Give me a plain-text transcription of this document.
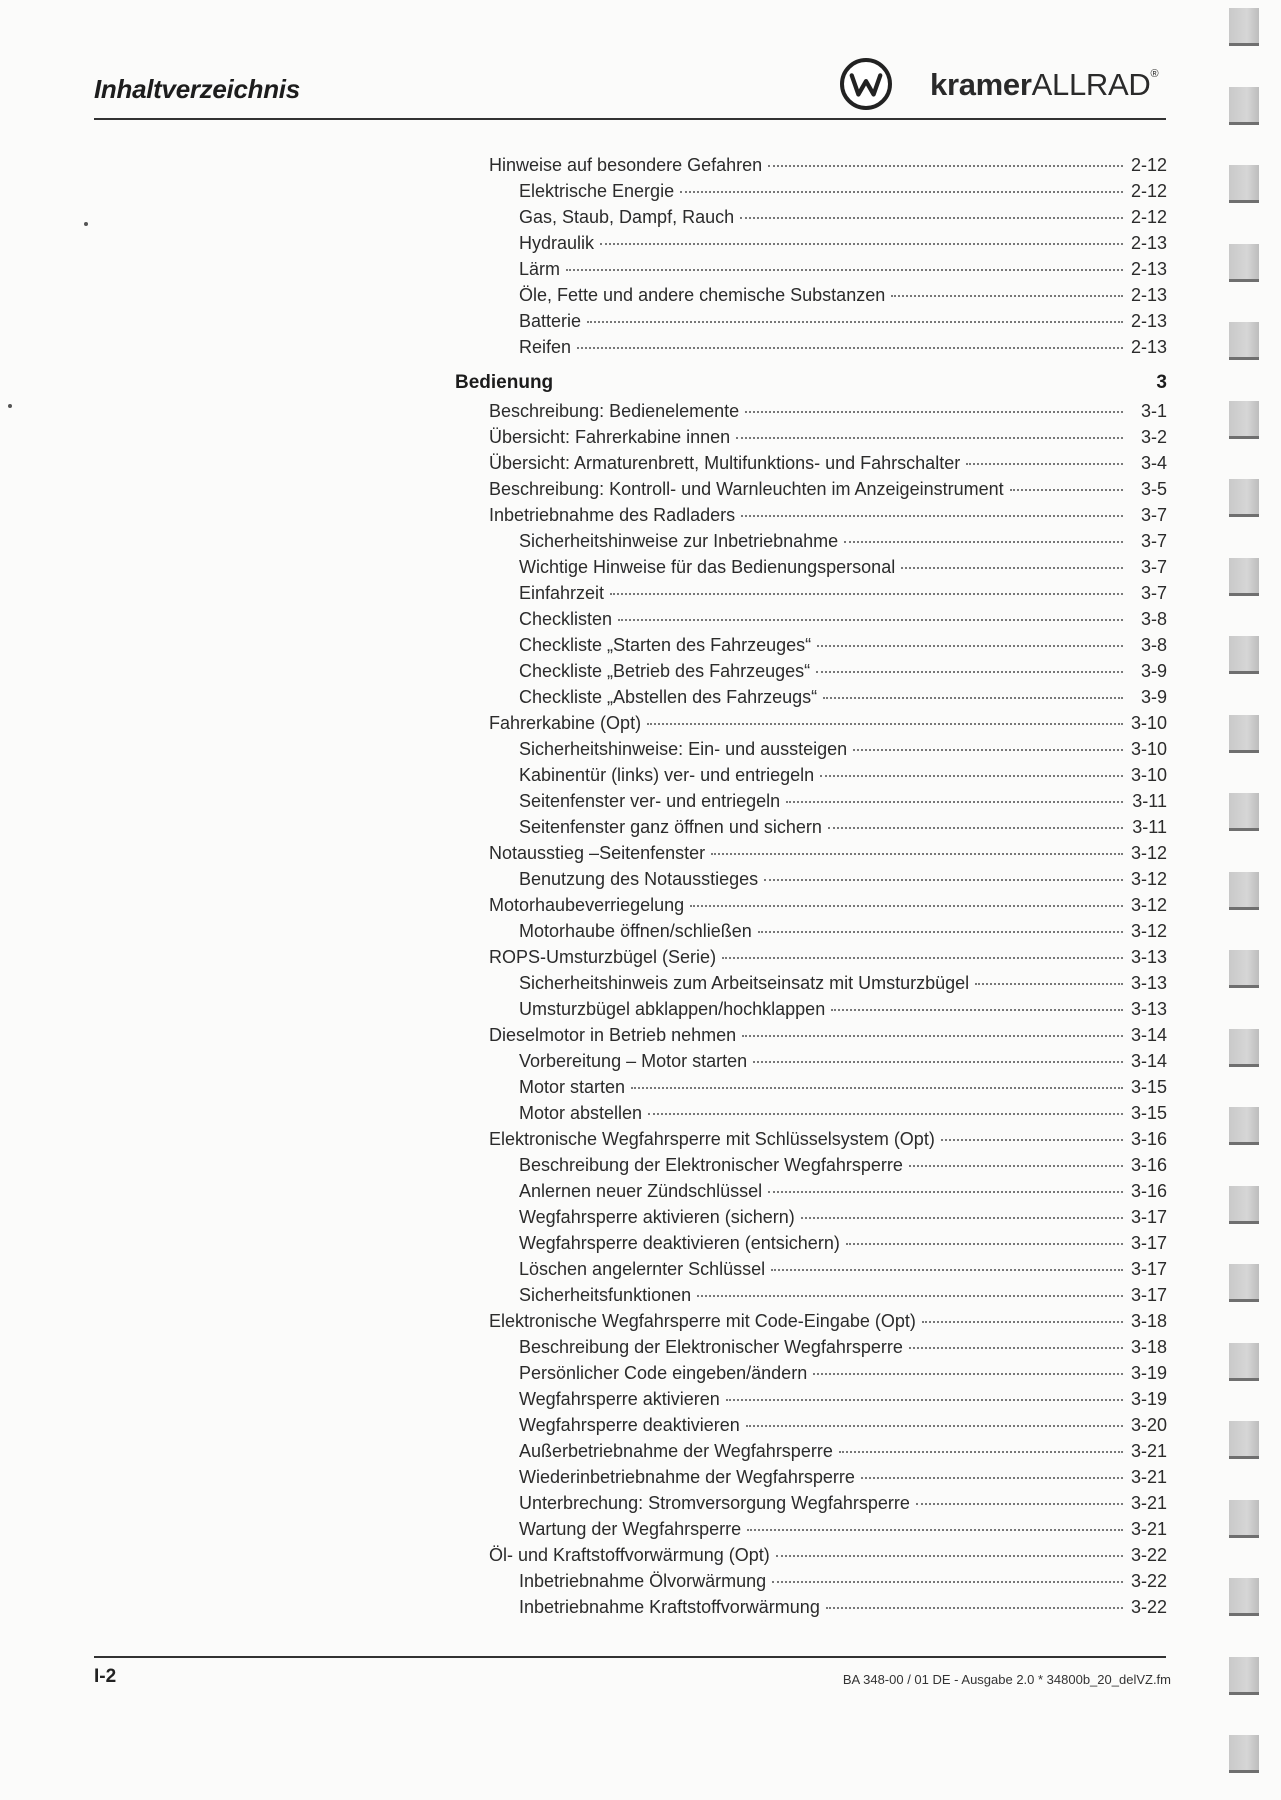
Inhaltverzeichnis	kramerALLRAD®
Hinweise auf besondere Gefahren	2-12
Elektrische Energie	2-12
Gas, Staub, Dampf, Rauch	2-12
Hydraulik	2-13
Lärm	2-13
Öle, Fette und andere chemische Substanzen	2-13
Batterie	2-13
Reifen	2-13
Bedienung	3
Beschreibung: Bedienelemente	3-1
Übersicht: Fahrerkabine innen	3-2
Übersicht: Armaturenbrett, Multifunktions- und Fahrschalter	3-4
Beschreibung: Kontroll- und Warnleuchten im Anzeigeinstrument	3-5
Inbetriebnahme des Radladers	3-7
Sicherheitshinweise zur Inbetriebnahme	3-7
Wichtige Hinweise für das Bedienungspersonal	3-7
Einfahrzeit	3-7
Checklisten	3-8
Checkliste „Starten des Fahrzeuges“	3-8
Checkliste „Betrieb des Fahrzeuges“	3-9
Checkliste „Abstellen des Fahrzeugs“	3-9
Fahrerkabine (Opt)	3-10
Sicherheitshinweise: Ein- und aussteigen	3-10
Kabinentür (links) ver- und entriegeln	3-10
Seitenfenster ver- und entriegeln	3-11
Seitenfenster ganz öffnen und sichern	3-11
Notausstieg –Seitenfenster	3-12
Benutzung des Notausstieges	3-12
Motorhaubeverriegelung	3-12
Motorhaube öffnen/schließen	3-12
ROPS-Umsturzbügel (Serie)	3-13
Sicherheitshinweis zum Arbeitseinsatz mit Umsturzbügel	3-13
Umsturzbügel abklappen/hochklappen	3-13
Dieselmotor in Betrieb nehmen	3-14
Vorbereitung – Motor starten	3-14
Motor starten	3-15
Motor abstellen	3-15
Elektronische Wegfahrsperre mit Schlüsselsystem (Opt)	3-16
Beschreibung der Elektronischer Wegfahrsperre	3-16
Anlernen neuer Zündschlüssel	3-16
Wegfahrsperre aktivieren (sichern)	3-17
Wegfahrsperre deaktivieren (entsichern)	3-17
Löschen angelernter Schlüssel	3-17
Sicherheitsfunktionen	3-17
Elektronische Wegfahrsperre mit Code-Eingabe (Opt)	3-18
Beschreibung der Elektronischer Wegfahrsperre	3-18
Persönlicher Code eingeben/ändern	3-19
Wegfahrsperre aktivieren	3-19
Wegfahrsperre deaktivieren	3-20
Außerbetriebnahme der Wegfahrsperre	3-21
Wiederinbetriebnahme der Wegfahrsperre	3-21
Unterbrechung: Stromversorgung Wegfahrsperre	3-21
Wartung der Wegfahrsperre	3-21
Öl- und Kraftstoffvorwärmung (Opt)	3-22
Inbetriebnahme Ölvorwärmung	3-22
Inbetriebnahme Kraftstoffvorwärmung	3-22
I-2	BA 348-00 / 01 DE - Ausgabe 2.0 * 34800b_20_delVZ.fm
